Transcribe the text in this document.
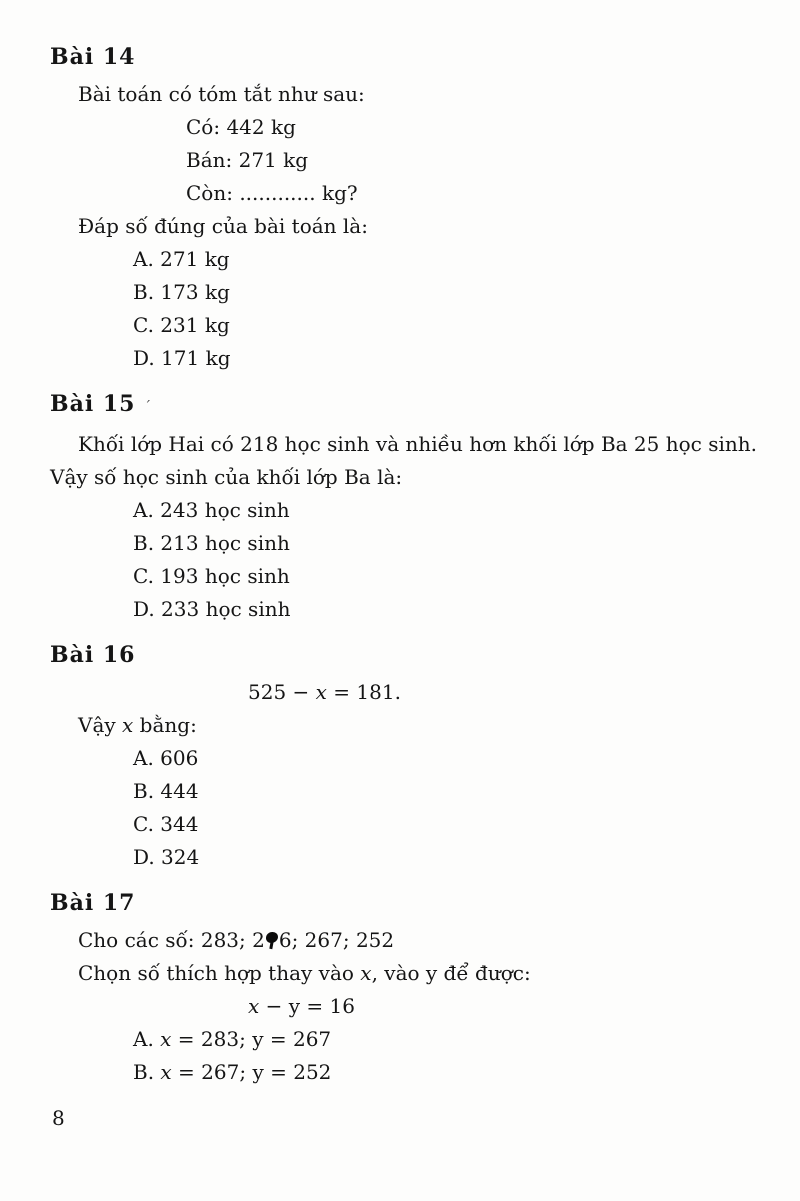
Bài 14

Bài toán có tóm tắt như sau:

Có: 442 kg

Bán: 271 kg

Còn: ............ kg?

Đáp số đúng của bài toán là:

A. 271 kg

B. 173 kg

C. 231 kg

D. 171 kg

Bài 15 ˊ

Khối lớp Hai có 218 học sinh và nhiều hơn khối lớp Ba 25 học sinh.

Vậy số học sinh của khối lớp Ba là:

A. 243 học sinh

B. 213 học sinh

C. 193 học sinh

D. 233 học sinh

Bài 16

525 − x = 181.

Vậy x bằng:

A. 606

B. 444

C. 344

D. 324

Bài 17

Cho các số: 283; 2 6; 267; 252

Chọn số thích hợp thay vào x, vào y để được:

x − y = 16

A. x = 283; y = 267

B. x = 267; y = 252

8
